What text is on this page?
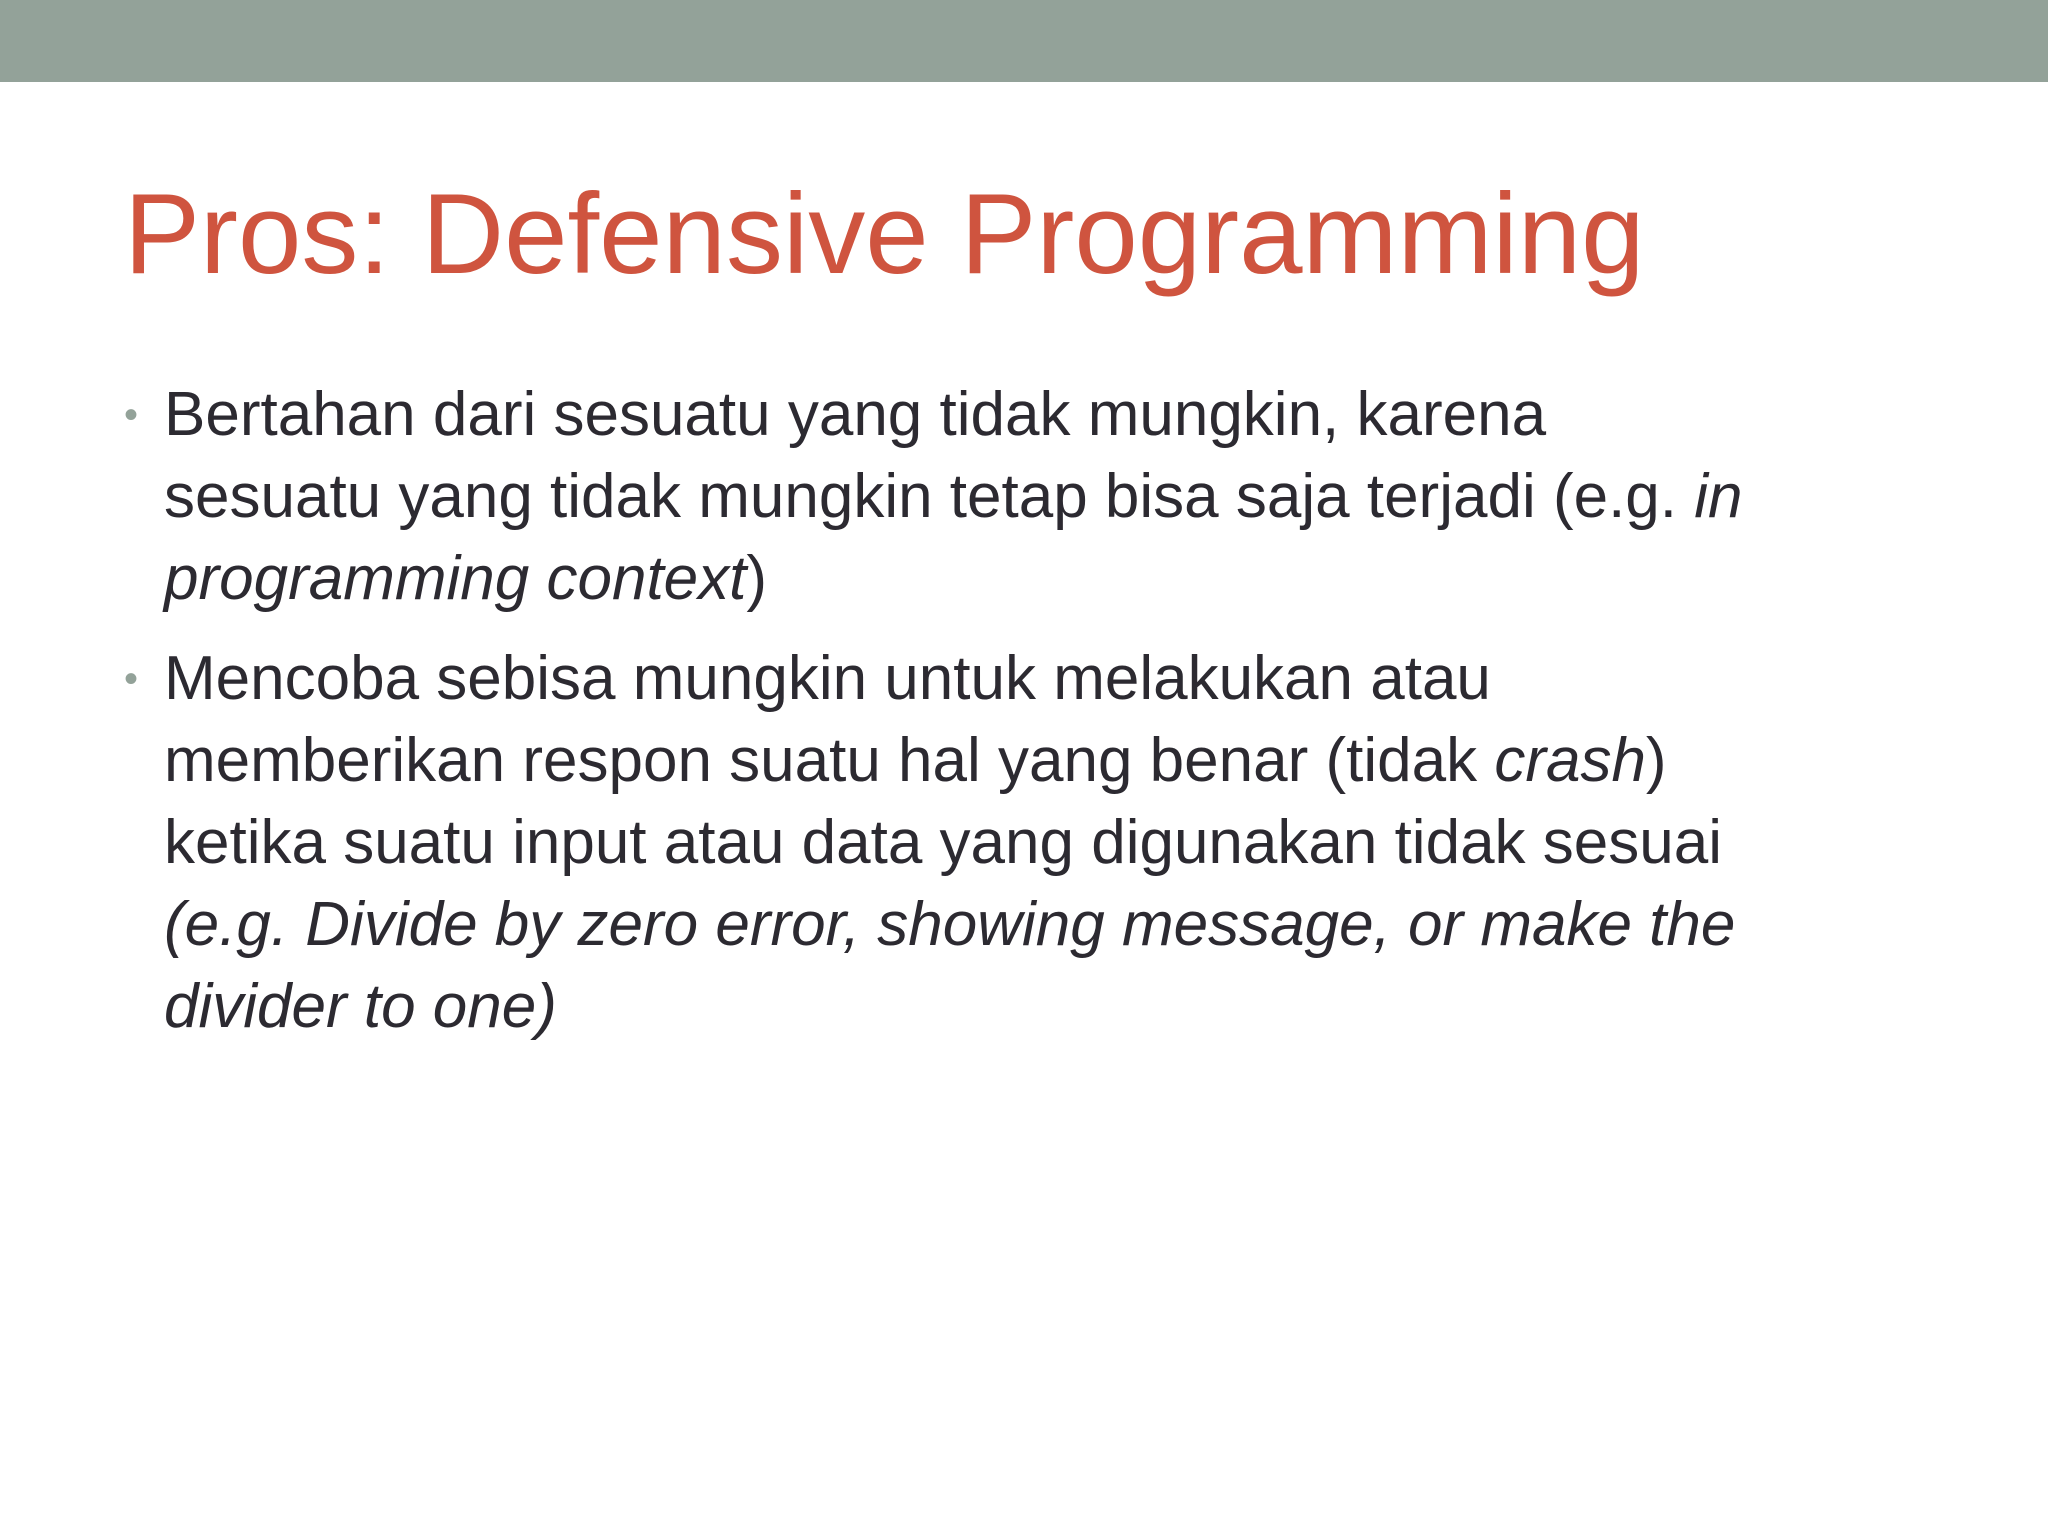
Pros: Defensive Programming
• Bertahan dari sesuatu yang tidak mungkin, karena
sesuatu yang tidak mungkin tetap bisa saja terjadi (e.g. in
programming context)
• Mencoba sebisa mungkin untuk melakukan atau
memberikan respon suatu hal yang benar (tidak crash)
ketika suatu input atau data yang digunakan tidak sesuai
(e.g. Divide by zero error, showing message, or make the
divider to one)
